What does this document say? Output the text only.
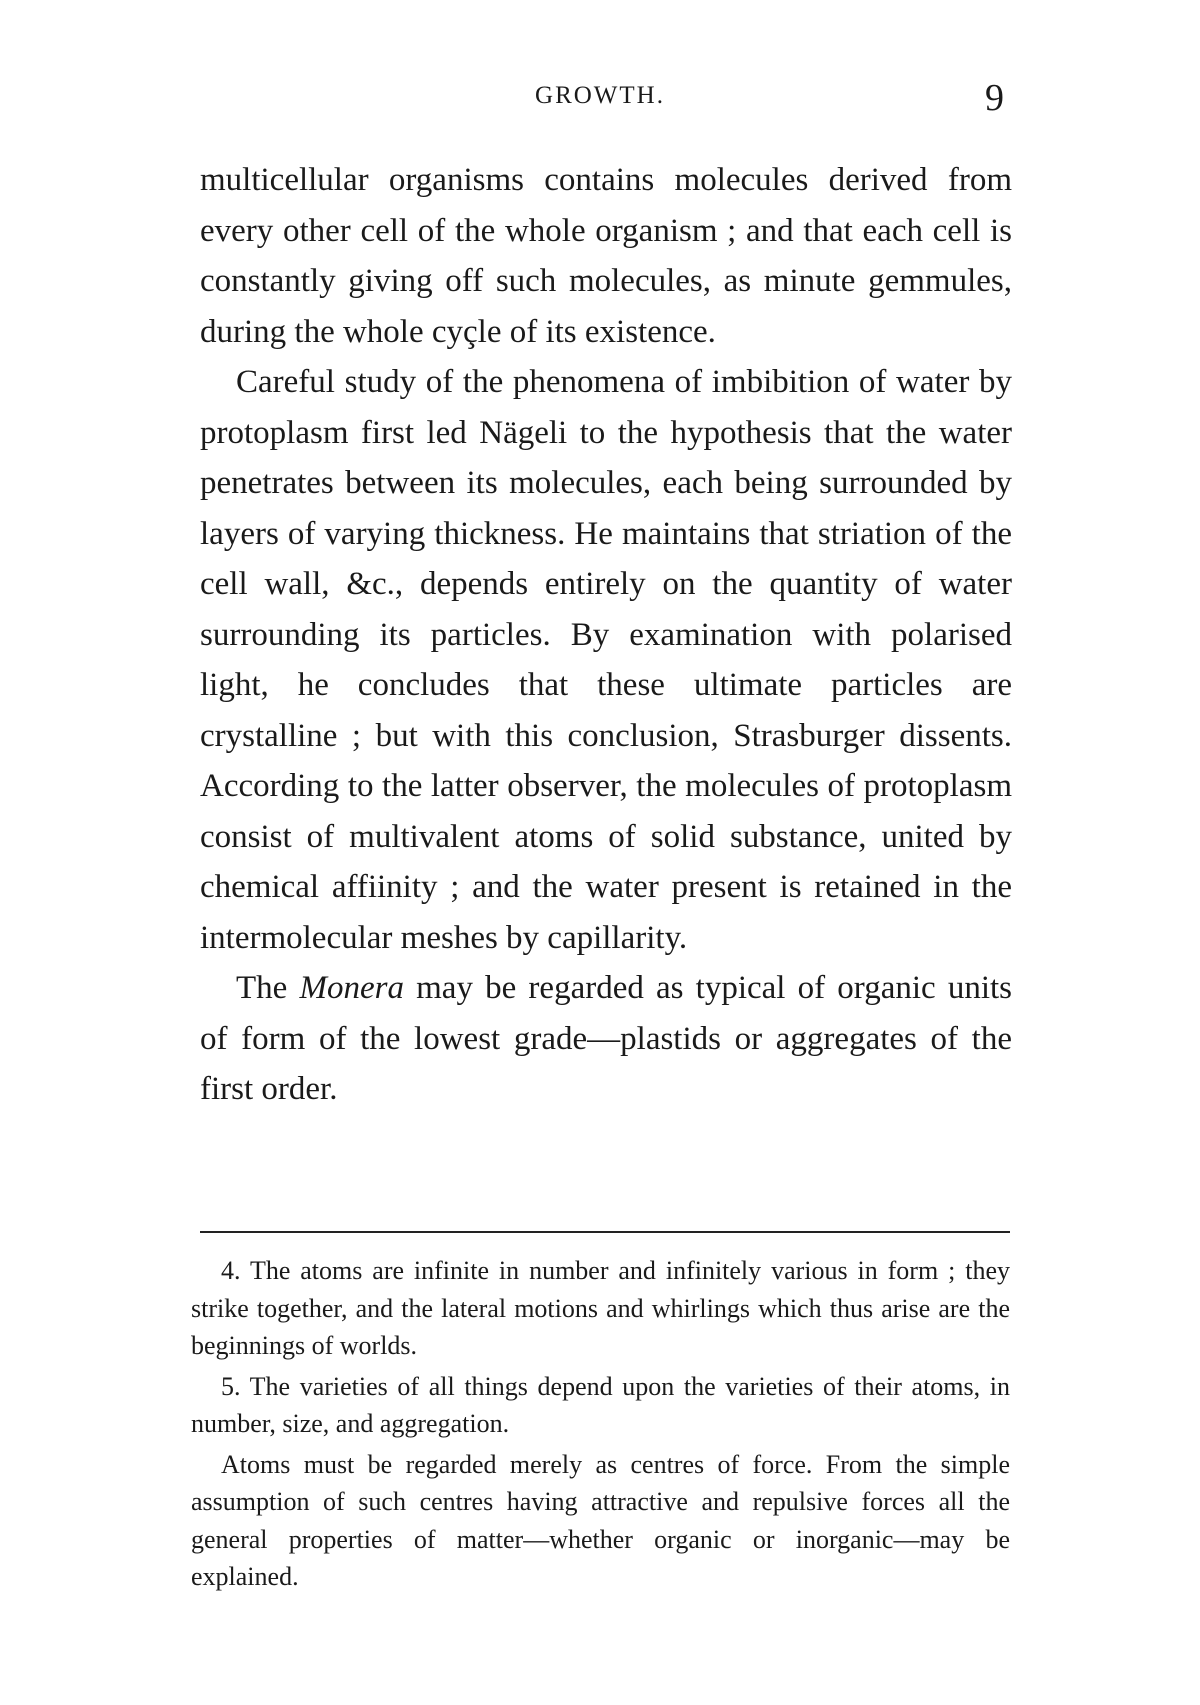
GROWTH.	9

multicellular organisms contains molecules derived from every other cell of the whole organism ; and that each cell is constantly giving off such molecules, as minute gemmules, during the whole cyçle of its existence.

Careful study of the phenomena of imbibition of water by protoplasm first led Nägeli to the hypothesis that the water penetrates between its molecules, each being surrounded by layers of varying thickness. He maintains that striation of the cell wall, &c., depends entirely on the quantity of water surrounding its particles. By examination with polarised light, he concludes that these ultimate particles are crystalline ; but with this conclusion, Strasburger dissents. According to the latter observer, the molecules of protoplasm consist of multivalent atoms of solid substance, united by chemical affiinity ; and the water present is retained in the intermolecular meshes by capillarity.

The Monera may be regarded as typical of organic units of form of the lowest grade—plastids or aggregates of the first order.

4. The atoms are infinite in number and infinitely various in form ; they strike together, and the lateral motions and whirlings which thus arise are the beginnings of worlds.

5. The varieties of all things depend upon the varieties of their atoms, in number, size, and aggregation.

Atoms must be regarded merely as centres of force. From the simple assumption of such centres having attractive and repulsive forces all the general properties of matter—whether organic or inorganic—may be explained.
